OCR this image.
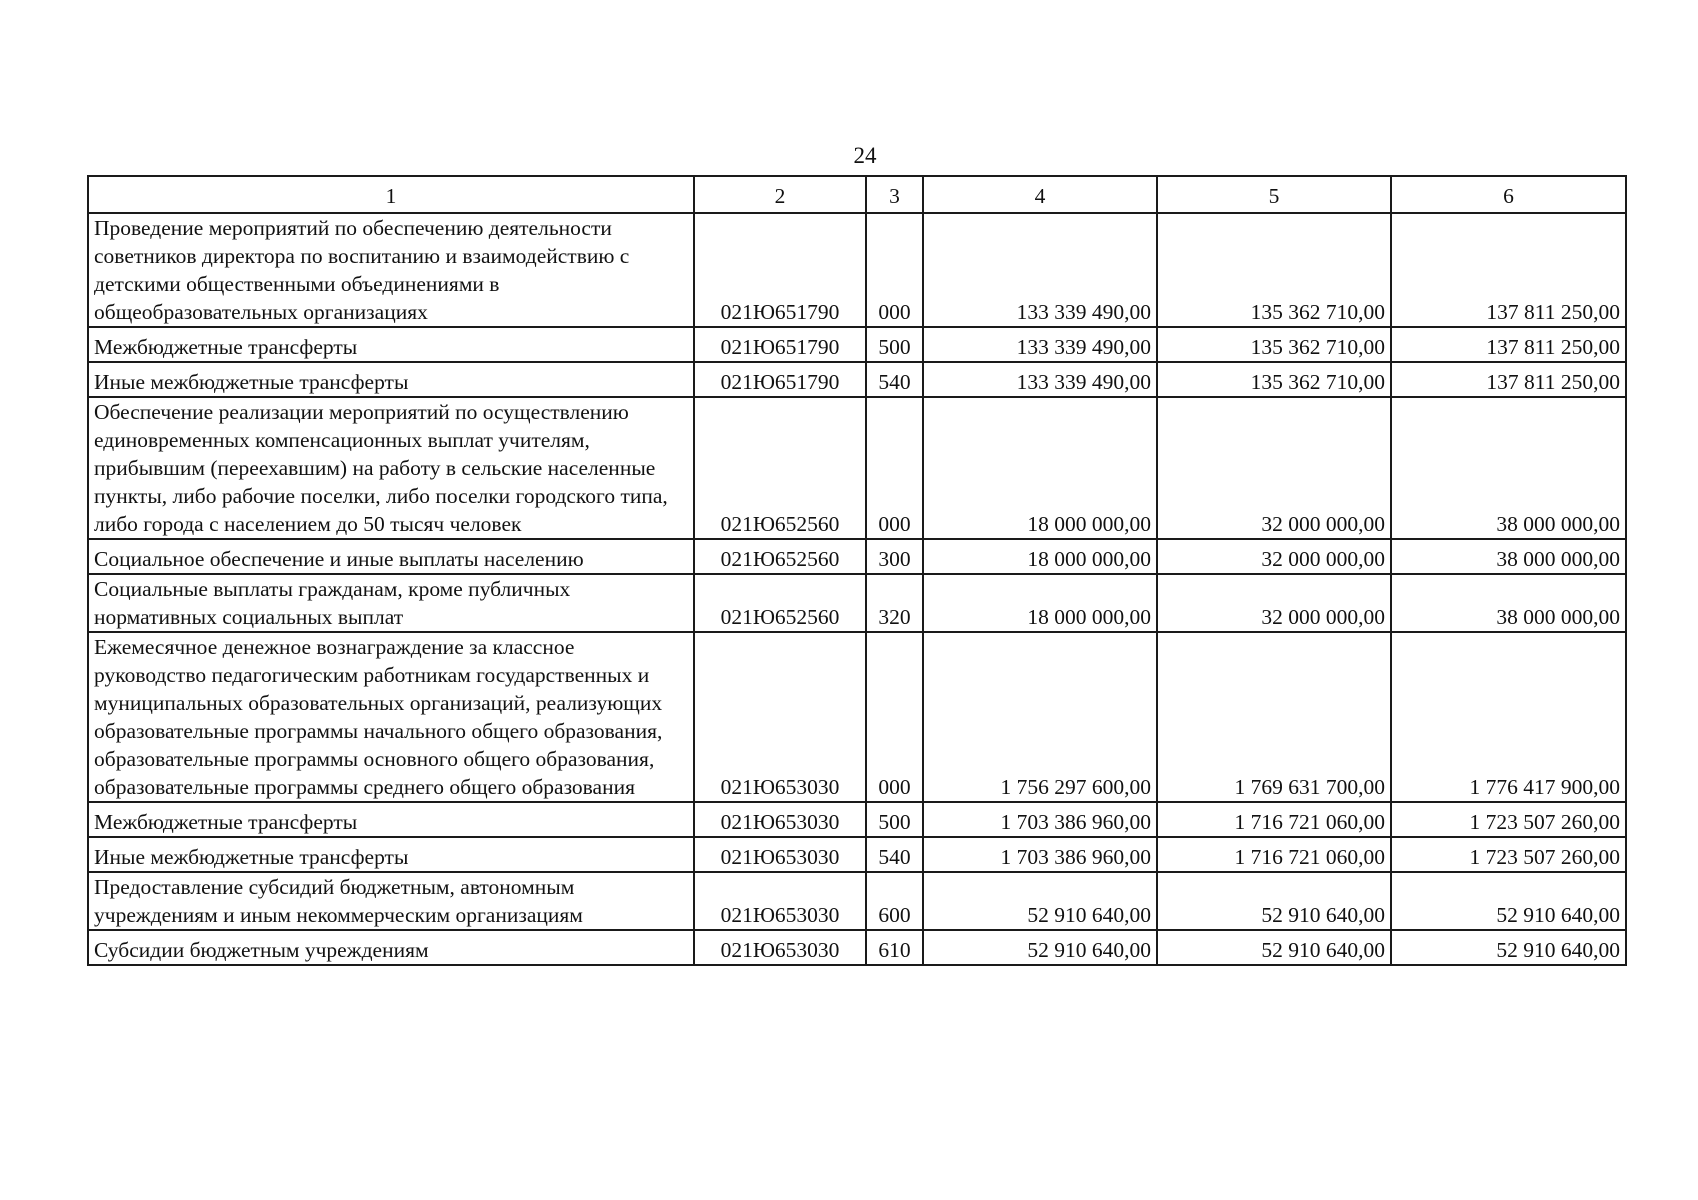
24
1	2	3	4	5	6
Проведение мероприятий по обеспечению деятельности советников директора по воспитанию и взаимодействию с детскими общественными объединениями в общеобразовательных организациях	021Ю651790	000	133 339 490,00	135 362 710,00	137 811 250,00
Межбюджетные трансферты	021Ю651790	500	133 339 490,00	135 362 710,00	137 811 250,00
Иные межбюджетные трансферты	021Ю651790	540	133 339 490,00	135 362 710,00	137 811 250,00
Обеспечение реализации мероприятий по осуществлению единовременных компенсационных выплат учителям, прибывшим (переехавшим) на работу в сельские населенные пункты, либо рабочие поселки, либо поселки городского типа, либо города с населением до 50 тысяч человек	021Ю652560	000	18 000 000,00	32 000 000,00	38 000 000,00
Социальное обеспечение и иные выплаты населению	021Ю652560	300	18 000 000,00	32 000 000,00	38 000 000,00
Социальные выплаты гражданам, кроме публичных нормативных социальных выплат	021Ю652560	320	18 000 000,00	32 000 000,00	38 000 000,00
Ежемесячное денежное вознаграждение за классное руководство педагогическим работникам государственных и муниципальных образовательных организаций, реализующих образовательные программы начального общего образования, образовательные программы основного общего образования, образовательные программы среднего общего образования	021Ю653030	000	1 756 297 600,00	1 769 631 700,00	1 776 417 900,00
Межбюджетные трансферты	021Ю653030	500	1 703 386 960,00	1 716 721 060,00	1 723 507 260,00
Иные межбюджетные трансферты	021Ю653030	540	1 703 386 960,00	1 716 721 060,00	1 723 507 260,00
Предоставление субсидий бюджетным, автономным учреждениям и иным некоммерческим организациям	021Ю653030	600	52 910 640,00	52 910 640,00	52 910 640,00
Субсидии бюджетным учреждениям	021Ю653030	610	52 910 640,00	52 910 640,00	52 910 640,00
